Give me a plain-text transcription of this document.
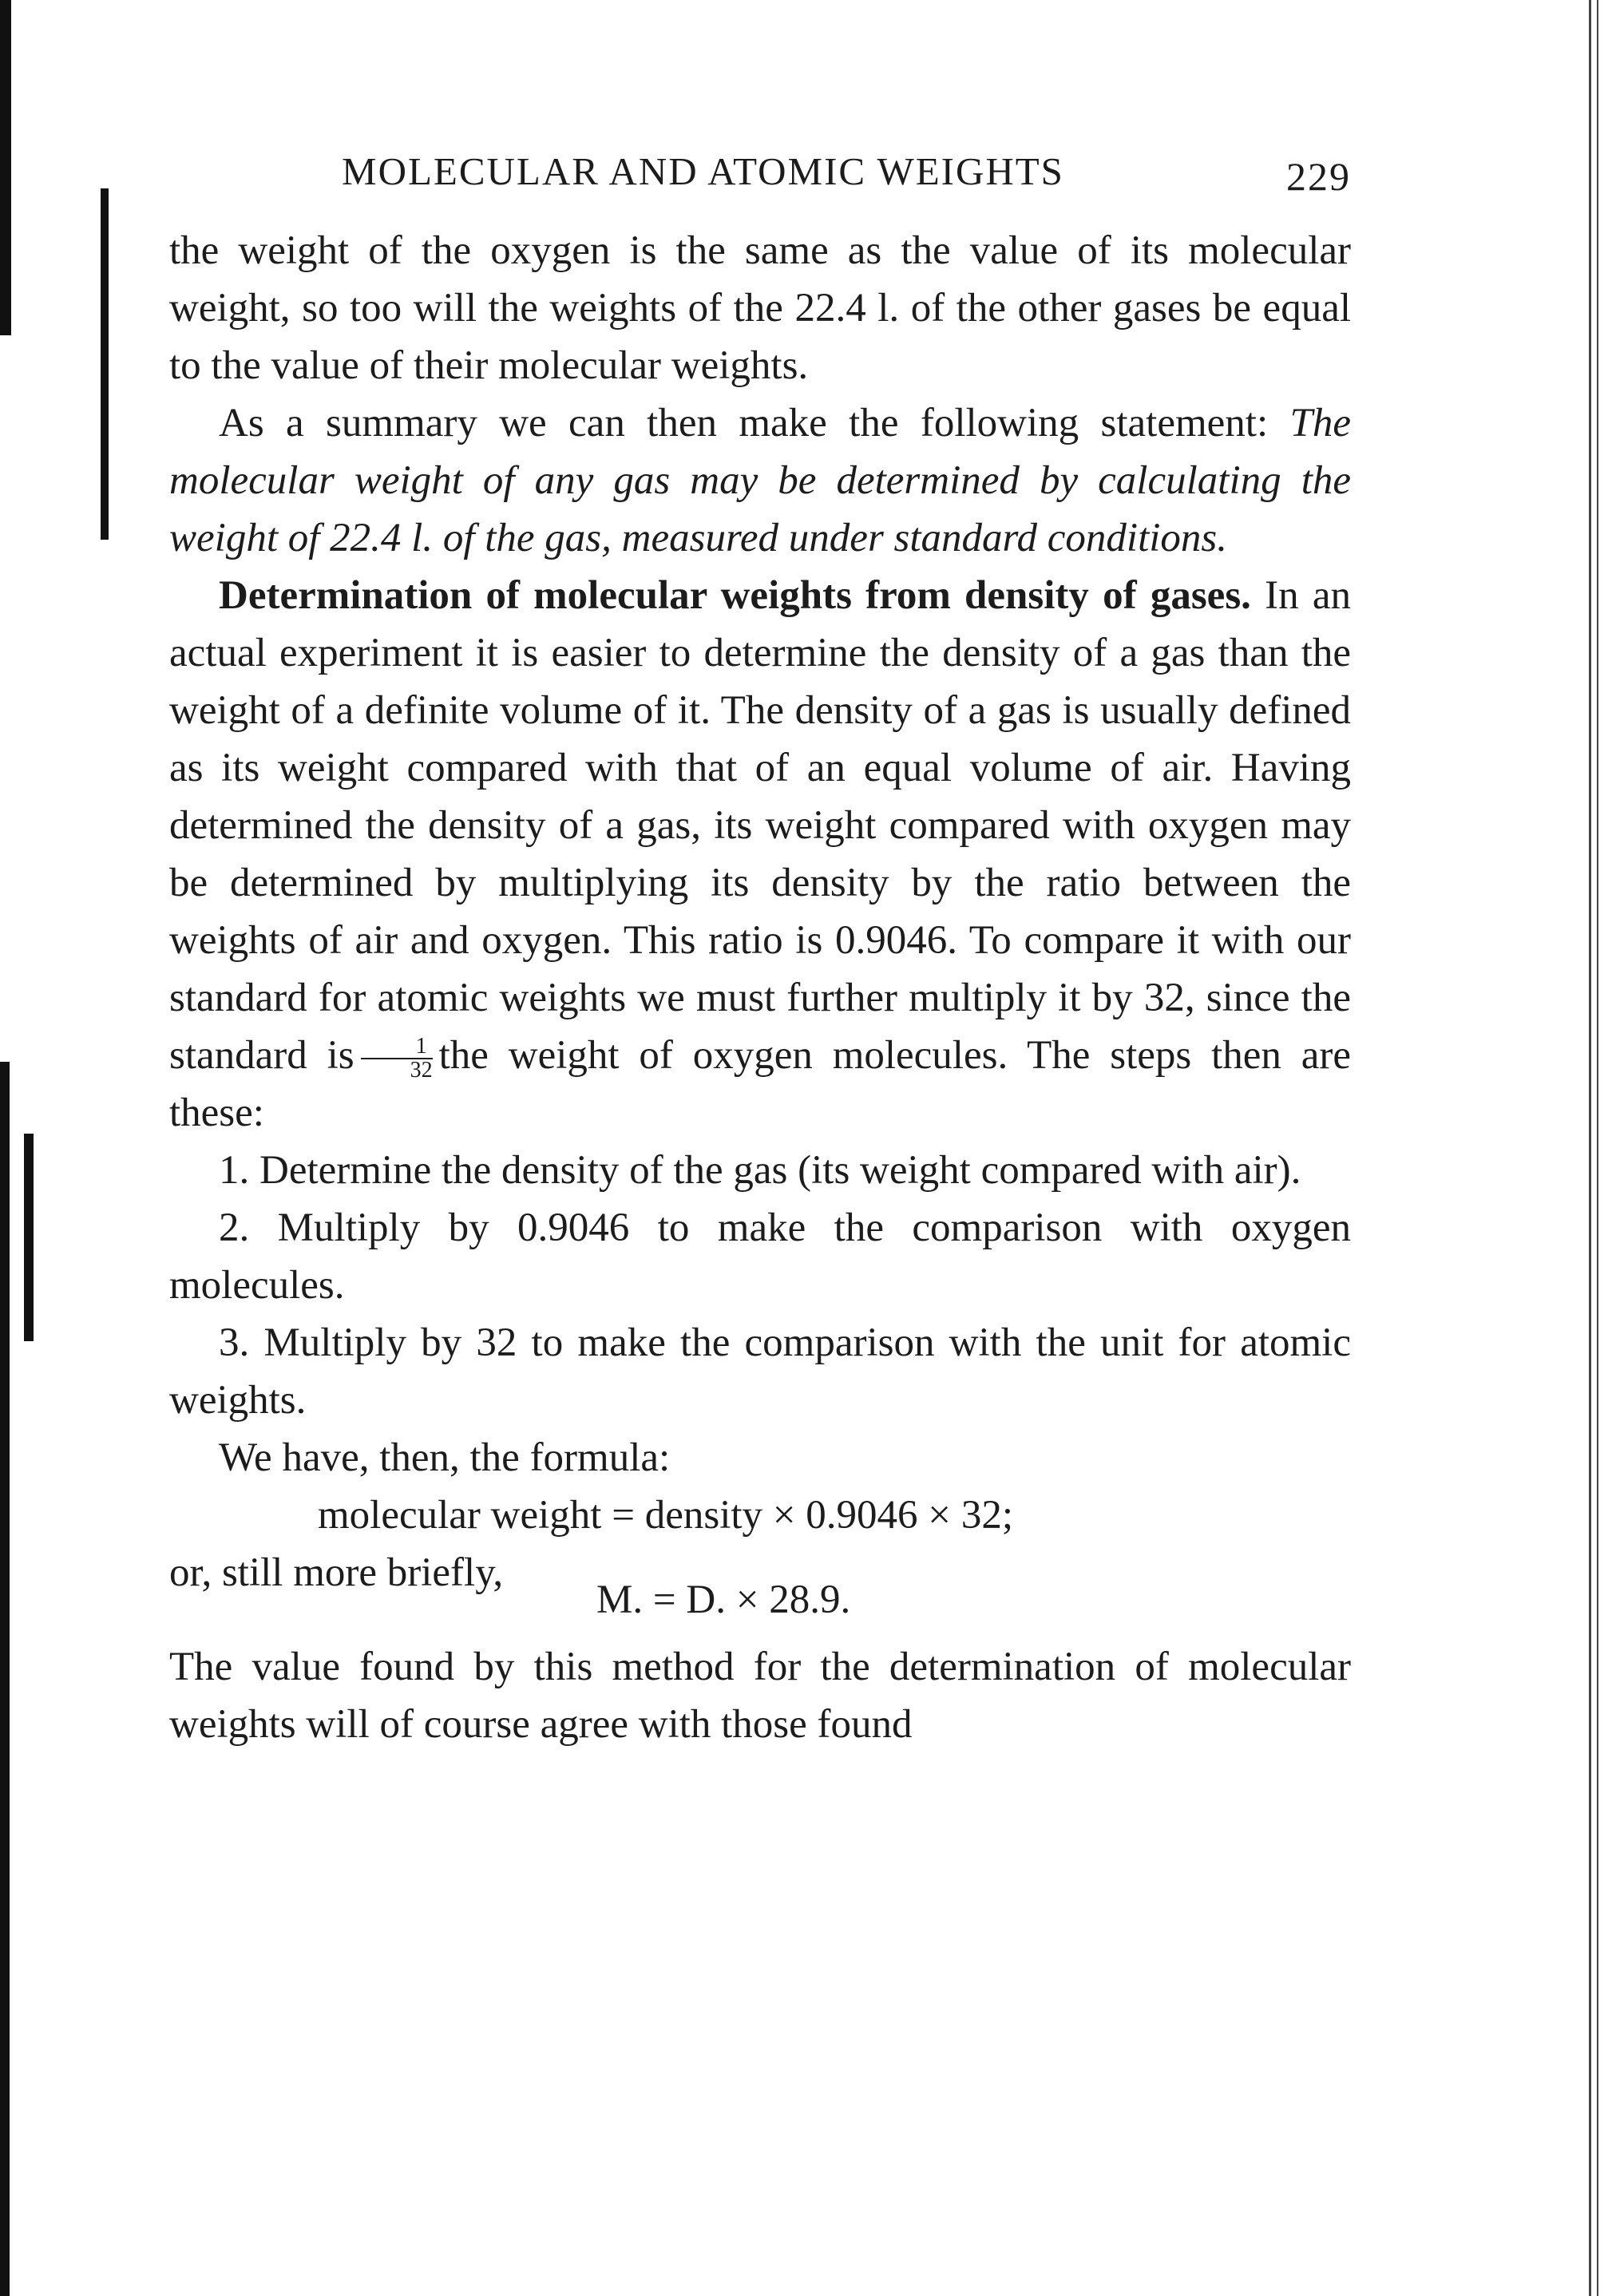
MOLECULAR AND ATOMIC WEIGHTS	229

the weight of the oxygen is the same as the value of its molecular weight, so too will the weights of the 22.4 l. of the other gases be equal to the value of their molecular weights.

As a summary we can then make the following statement: The molecular weight of any gas may be determined by calculating the weight of 22.4 l. of the gas, measured under standard conditions.

Determination of molecular weights from density of gases. In an actual experiment it is easier to determine the density of a gas than the weight of a definite volume of it. The density of a gas is usually defined as its weight compared with that of an equal volume of air. Having determined the density of a gas, its weight compared with oxygen may be determined by multiplying its density by the ratio between the weights of air and oxygen. This ratio is 0.9046. To compare it with our standard for atomic weights we must further multiply it by 32, since the standard is $\frac{1}{32}$ the weight of oxygen molecules. The steps then are these:

1. Determine the density of the gas (its weight compared with air).

2. Multiply by 0.9046 to make the comparison with oxygen molecules.

3. Multiply by 32 to make the comparison with the unit for atomic weights.

We have, then, the formula:

molecular weight = density × 0.9046 × 32;
or, still more briefly,
M. = D. × 28.9.

The value found by this method for the determination of molecular weights will of course agree with those found
